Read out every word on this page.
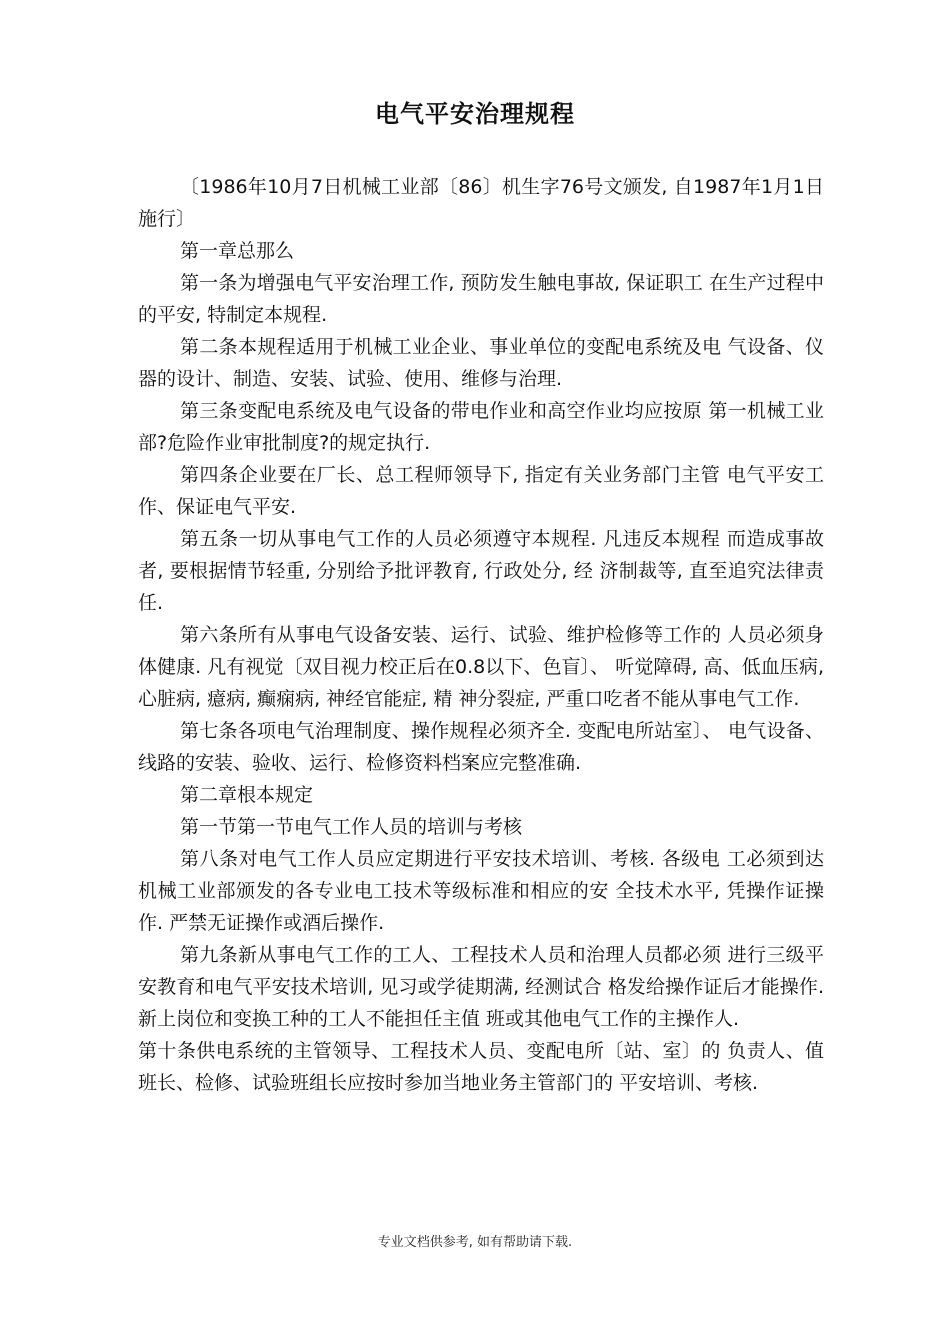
电气平安治理规程

〔1986年10月7日机械工业部〔86〕机生字76号文颁发, 自1987年1月1日施行〕

第一章总那么

第一条为增强电气平安治理工作, 预防发生触电事故, 保证职工 在生产过程中的平安, 特制定本规程.

第二条本规程适用于机械工业企业、事业单位的变配电系统及电 气设备、仪器的设计、制造、安装、试验、使用、维修与治理.

第三条变配电系统及电气设备的带电作业和高空作业均应按原 第一机械工业部?危险作业审批制度?的规定执行.

第四条企业要在厂长、总工程师领导下, 指定有关业务部门主管 电气平安工作、保证电气平安.

第五条一切从事电气工作的人员必须遵守本规程. 凡违反本规程 而造成事故者, 要根据情节轻重, 分别给予批评教育, 行政处分, 经 济制裁等, 直至追究法律责任.

第六条所有从事电气设备安装、运行、试验、维护检修等工作的 人员必须身体健康. 凡有视觉〔双目视力校正后在0.8以下、色盲〕、 听觉障碍, 高、低血压病, 心脏病, 癔病, 癫痫病, 神经官能症, 精 神分裂症, 严重口吃者不能从事电气工作.

第七条各项电气治理制度、操作规程必须齐全. 变配电所站室〕、 电气设备、线路的安装、验收、运行、检修资料档案应完整准确.

第二章根本规定

第一节第一节电气工作人员的培训与考核

第八条对电气工作人员应定期进行平安技术培训、考核. 各级电 工必须到达机械工业部颁发的各专业电工技术等级标准和相应的安 全技术水平, 凭操作证操作. 严禁无证操作或酒后操作.

第九条新从事电气工作的工人、工程技术人员和治理人员都必须 进行三级平安教育和电气平安技术培训, 见习或学徒期满, 经测试合 格发给操作证后才能操作. 新上岗位和变换工种的工人不能担任主值 班或其他电气工作的主操作人.

第十条供电系统的主管领导、工程技术人员、变配电所〔站、室〕的 负责人、值班长、检修、试验班组长应按时参加当地业务主管部门的 平安培训、考核.

专业文档供参考, 如有帮助请下载.
